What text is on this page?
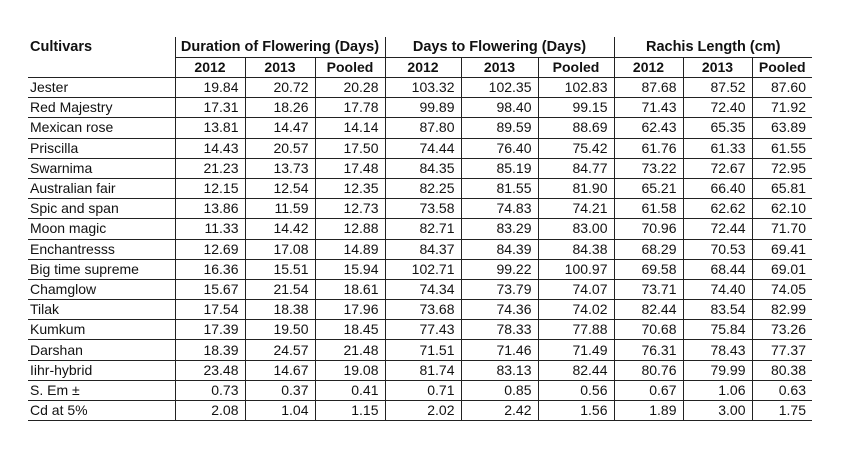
Cultivars	Duration of Flowering (Days)			Days to Flowering (Days)			Rachis Length (cm)		
	2012	2013	Pooled	2012	2013	Pooled	2012	2013	Pooled
Jester	19.84	20.72	20.28	103.32	102.35	102.83	87.68	87.52	87.60
Red Majestry	17.31	18.26	17.78	99.89	98.40	99.15	71.43	72.40	71.92
Mexican rose	13.81	14.47	14.14	87.80	89.59	88.69	62.43	65.35	63.89
Priscilla	14.43	20.57	17.50	74.44	76.40	75.42	61.76	61.33	61.55
Swarnima	21.23	13.73	17.48	84.35	85.19	84.77	73.22	72.67	72.95
Australian fair	12.15	12.54	12.35	82.25	81.55	81.90	65.21	66.40	65.81
Spic and span	13.86	11.59	12.73	73.58	74.83	74.21	61.58	62.62	62.10
Moon magic	11.33	14.42	12.88	82.71	83.29	83.00	70.96	72.44	71.70
Enchantresss	12.69	17.08	14.89	84.37	84.39	84.38	68.29	70.53	69.41
Big time supreme	16.36	15.51	15.94	102.71	99.22	100.97	69.58	68.44	69.01
Chamglow	15.67	21.54	18.61	74.34	73.79	74.07	73.71	74.40	74.05
Tilak	17.54	18.38	17.96	73.68	74.36	74.02	82.44	83.54	82.99
Kumkum	17.39	19.50	18.45	77.43	78.33	77.88	70.68	75.84	73.26
Darshan	18.39	24.57	21.48	71.51	71.46	71.49	76.31	78.43	77.37
Iihr-hybrid	23.48	14.67	19.08	81.74	83.13	82.44	80.76	79.99	80.38
S. Em ±	0.73	0.37	0.41	0.71	0.85	0.56	0.67	1.06	0.63
Cd at 5%	2.08	1.04	1.15	2.02	2.42	1.56	1.89	3.00	1.75
